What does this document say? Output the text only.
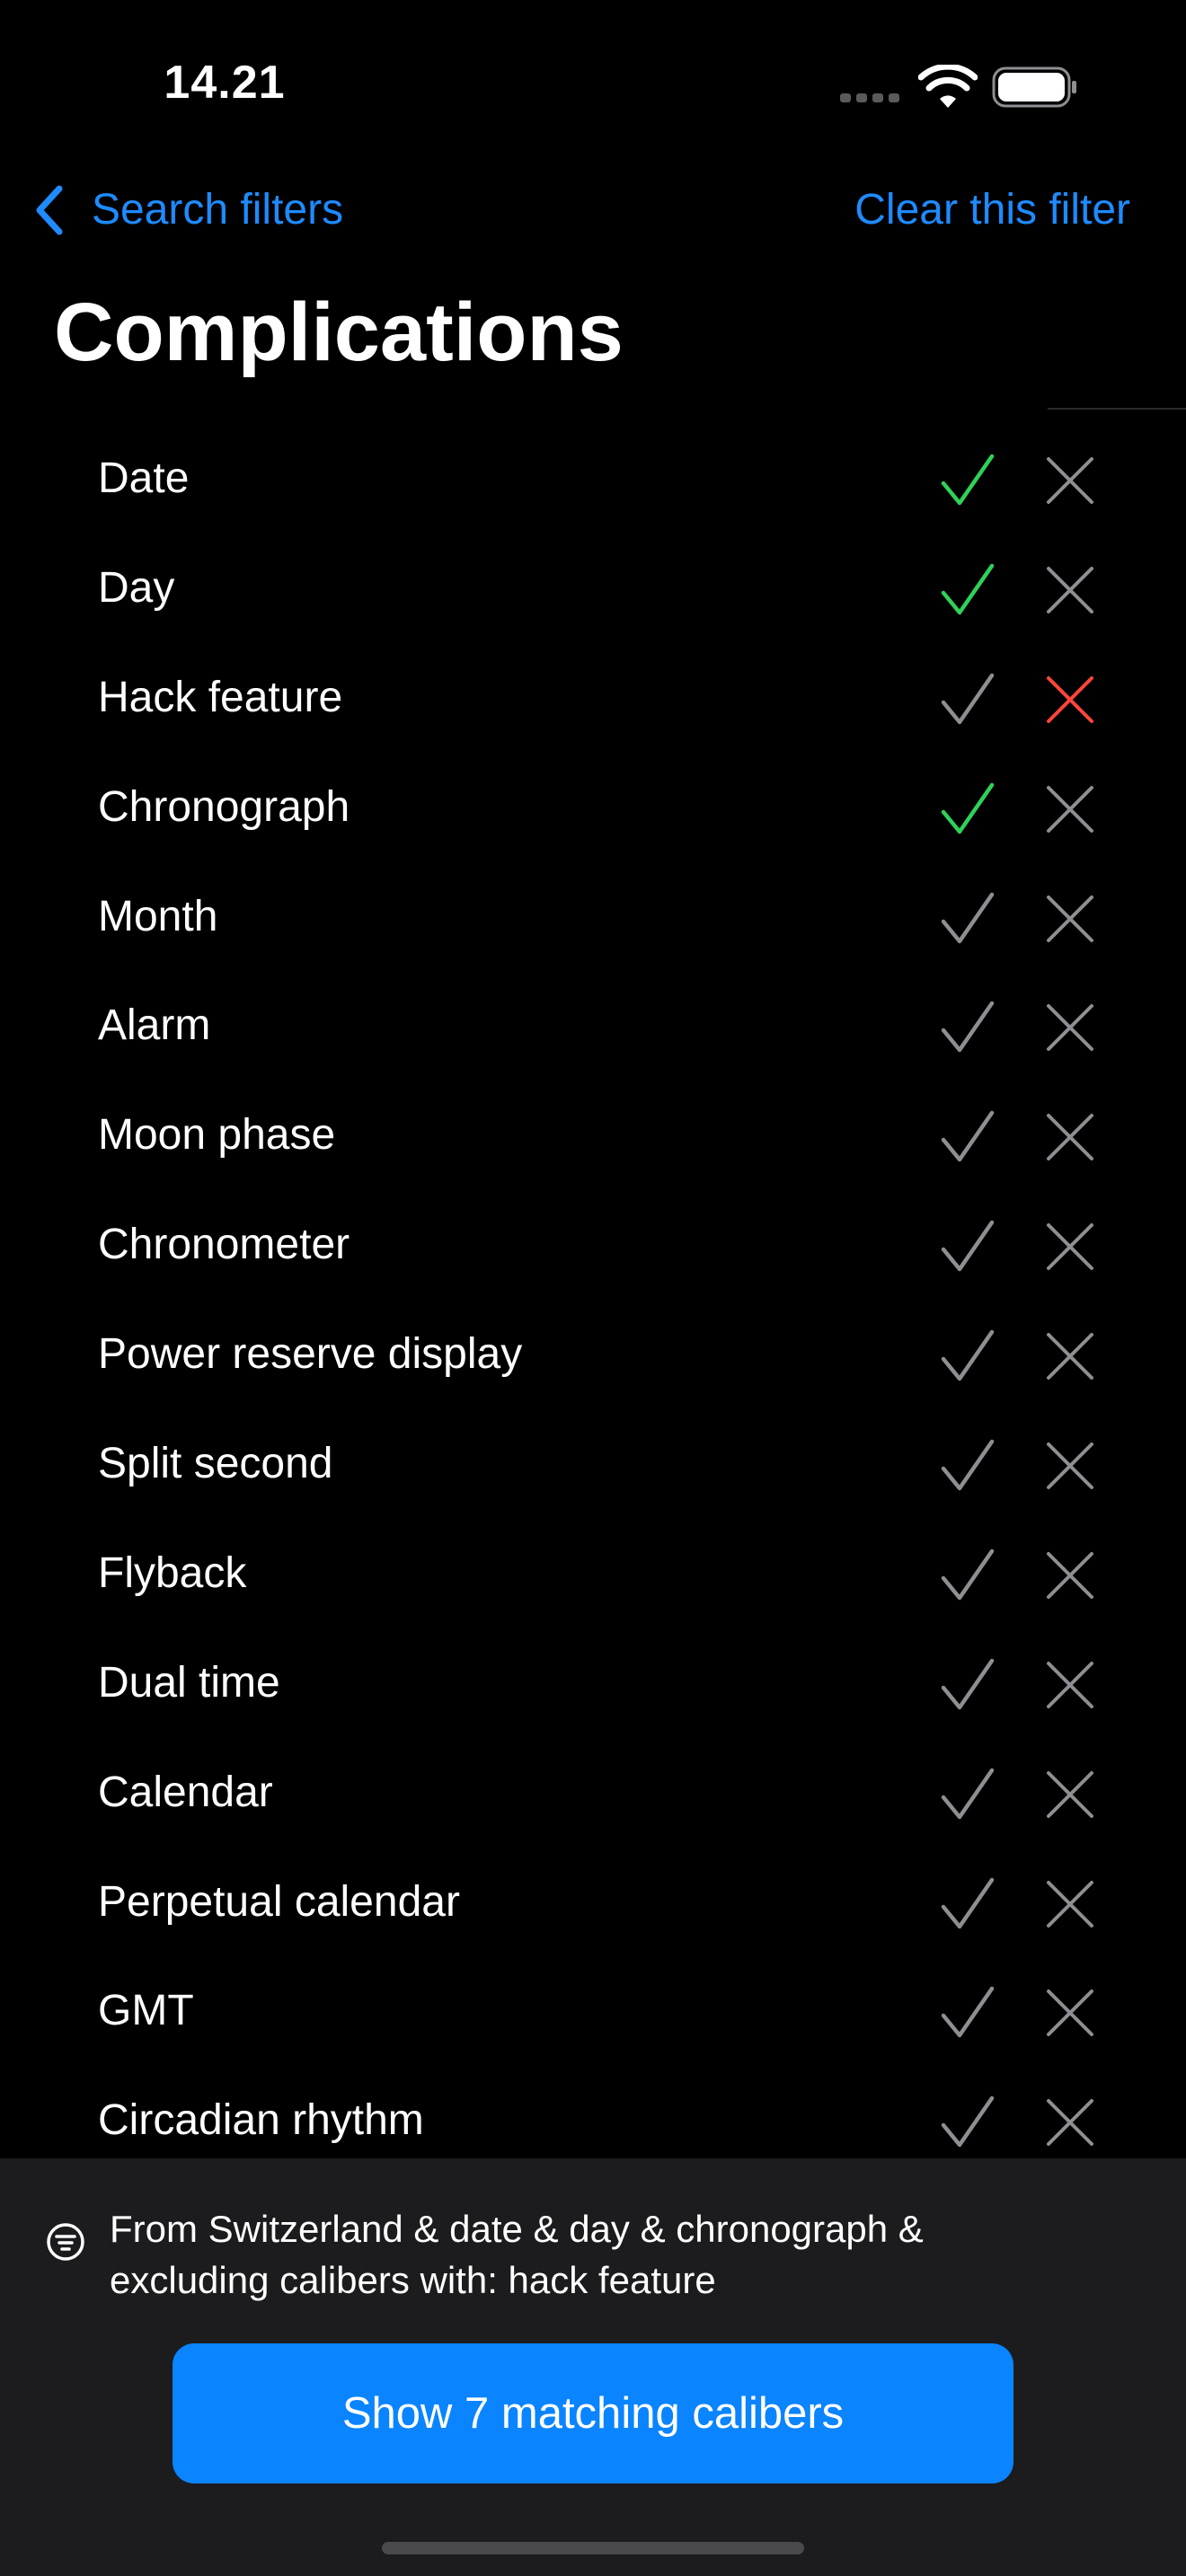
14.21
Search filters	Clear this filter
Complications
Date
Day
Hack feature
Chronograph
Month
Alarm
Moon phase
Chronometer
Power reserve display
Split second
Flyback
Dual time
Calendar
Perpetual calendar
GMT
Circadian rhythm

From Switzerland & date & day & chronograph & excluding calibers with: hack feature

Show 7 matching calibers
